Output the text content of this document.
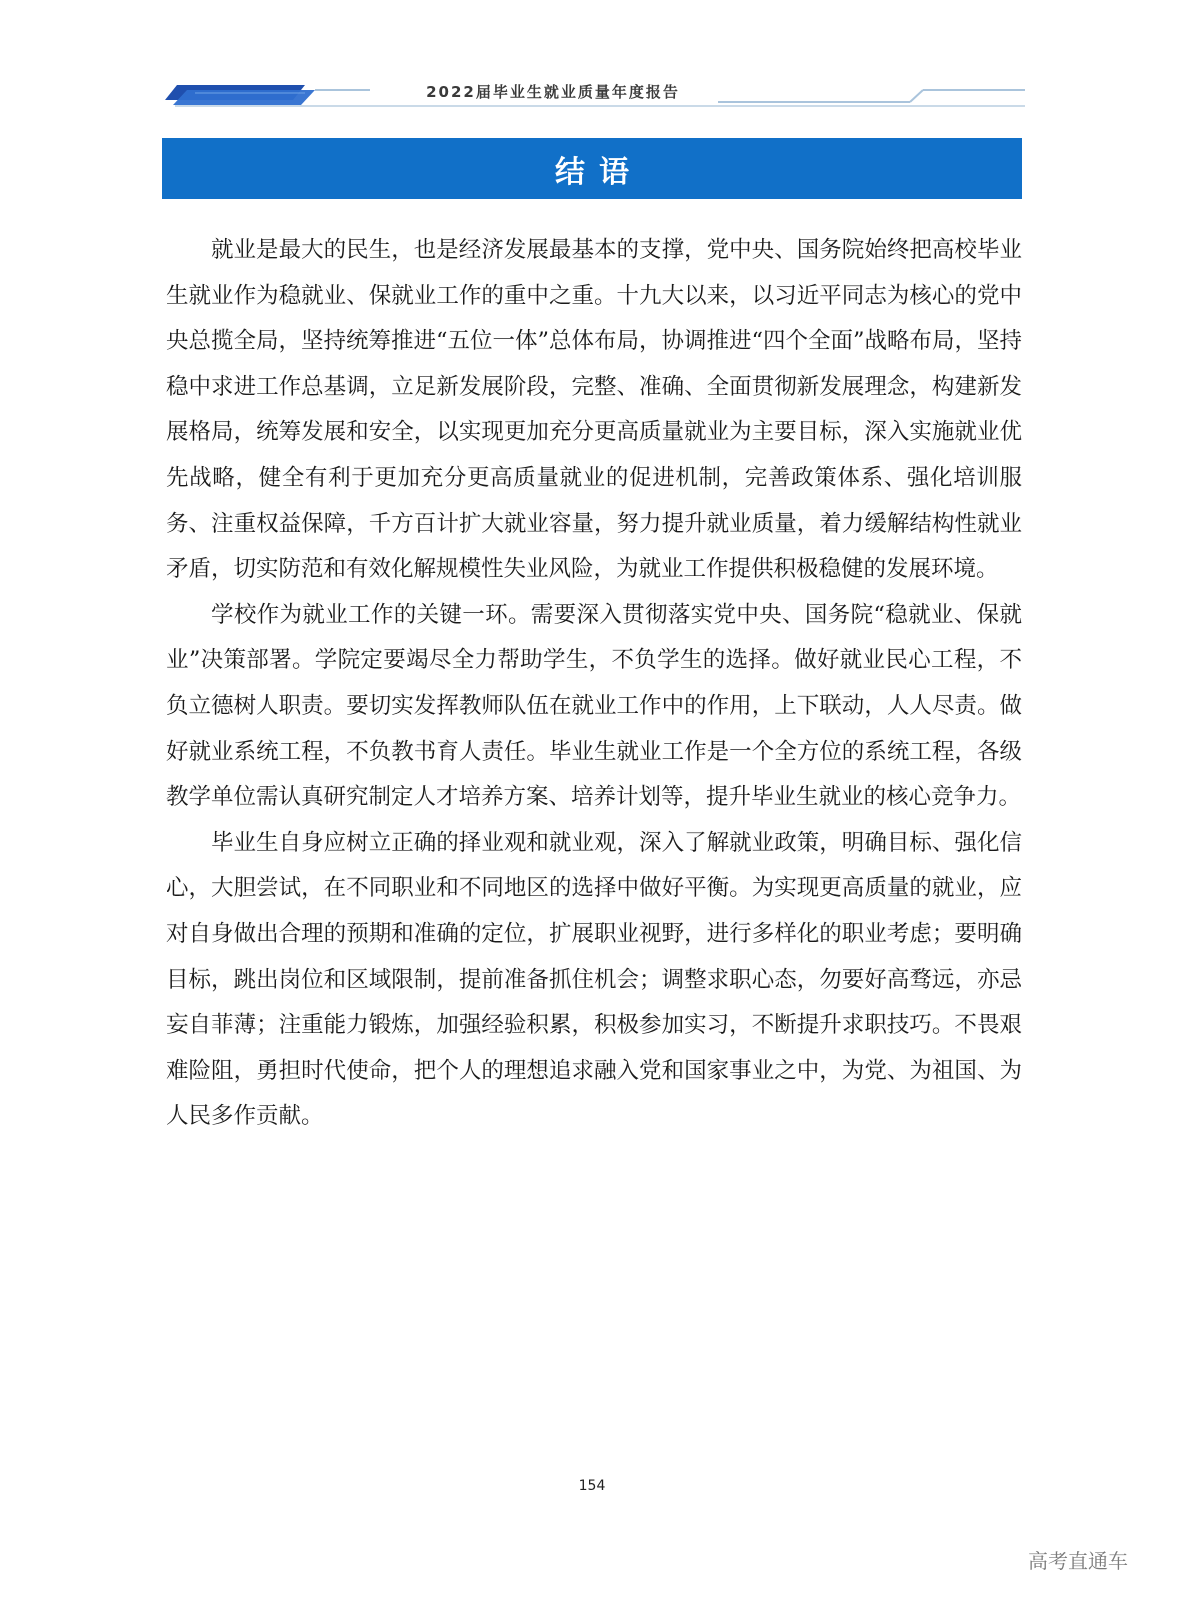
2022届毕业生就业质量年度报告
结语

就业是最大的民生，也是经济发展最基本的支撑，党中央、国务院始终把高校毕业生就业作为稳就业、保就业工作的重中之重。十九大以来，以习近平同志为核心的党中央总揽全局，坚持统筹推进“五位一体”总体布局，协调推进“四个全面”战略布局，坚持稳中求进工作总基调，立足新发展阶段，完整、准确、全面贯彻新发展理念，构建新发展格局，统筹发展和安全，以实现更加充分更高质量就业为主要目标，深入实施就业优先战略，健全有利于更加充分更高质量就业的促进机制，完善政策体系、强化培训服务、注重权益保障，千方百计扩大就业容量，努力提升就业质量，着力缓解结构性就业矛盾，切实防范和有效化解规模性失业风险，为就业工作提供积极稳健的发展环境。

学校作为就业工作的关键一环。需要深入贯彻落实党中央、国务院“稳就业、保就业”决策部署。学院定要竭尽全力帮助学生，不负学生的选择。做好就业民心工程，不负立德树人职责。要切实发挥教师队伍在就业工作中的作用，上下联动，人人尽责。做好就业系统工程，不负教书育人责任。毕业生就业工作是一个全方位的系统工程，各级教学单位需认真研究制定人才培养方案、培养计划等，提升毕业生就业的核心竞争力。

毕业生自身应树立正确的择业观和就业观，深入了解就业政策，明确目标、强化信心，大胆尝试，在不同职业和不同地区的选择中做好平衡。为实现更高质量的就业，应对自身做出合理的预期和准确的定位，扩展职业视野，进行多样化的职业考虑；要明确目标，跳出岗位和区域限制，提前准备抓住机会；调整求职心态，勿要好高骛远，亦忌妄自菲薄；注重能力锻炼，加强经验积累，积极参加实习，不断提升求职技巧。不畏艰难险阻，勇担时代使命，把个人的理想追求融入党和国家事业之中，为党、为祖国、为人民多作贡献。

154
高考直通车
